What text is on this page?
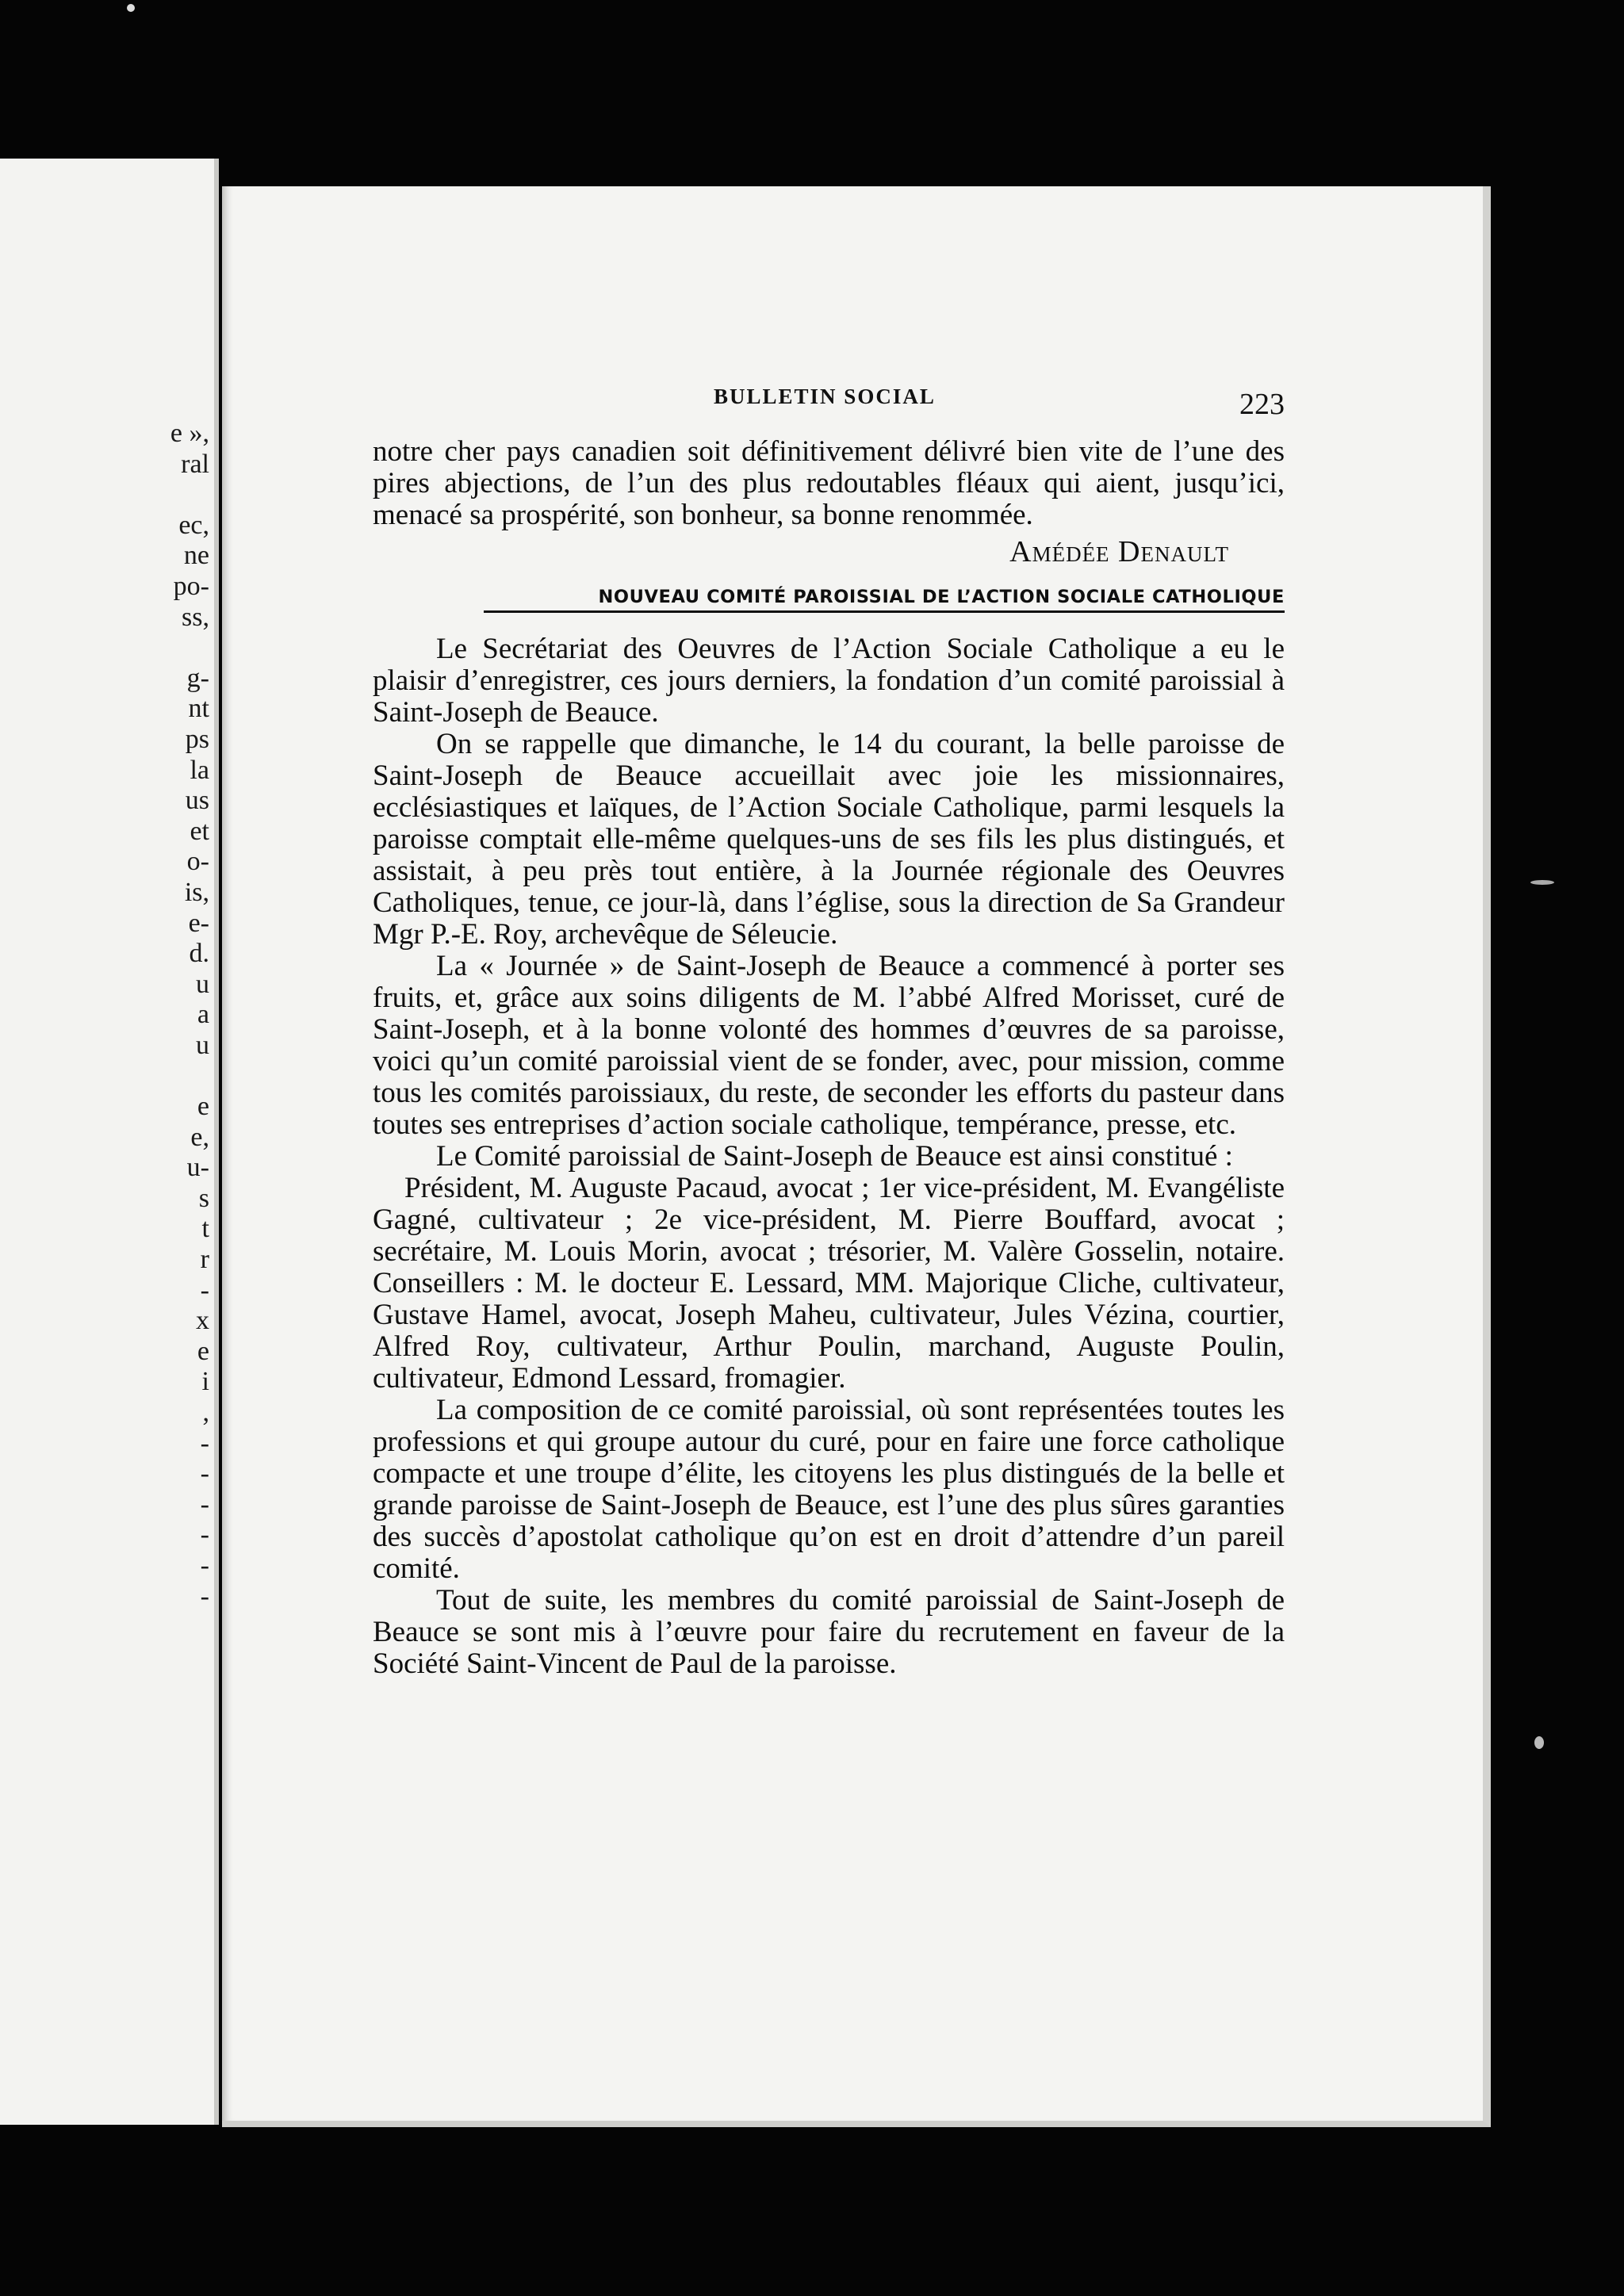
e »,
ral

ec,
ne
po-
ss,

g-
nt
ps
la
us
et
o-
is,
e-
d.
u
a
u

e
e,
u-
s
t
r
-
x
e
i
,
-
-
-
-
-
-
BULLETIN SOCIAL	223

notre cher pays canadien soit définitivement délivré bien vite de l’une des pires abjections, de l’un des plus redoutables fléaux qui aient, jusqu’ici, menacé sa prospérité, son bonheur, sa bonne renommée.

Amédée Denault

NOUVEAU COMITÉ PAROISSIAL DE L’ACTION SOCIALE CATHOLIQUE

Le Secrétariat des Oeuvres de l’Action Sociale Catholique a eu le plaisir d’enregistrer, ces jours derniers, la fondation d’un comité paroissial à Saint-Joseph de Beauce.

On se rappelle que dimanche, le 14 du courant, la belle paroisse de Saint-Joseph de Beauce accueillait avec joie les missionnaires, ecclésiastiques et laïques, de l’Action Sociale Catholique, parmi lesquels la paroisse comptait elle-même quelques-uns de ses fils les plus distingués, et assistait, à peu près tout entière, à la Journée régionale des Oeuvres Catholiques, tenue, ce jour-là, dans l’église, sous la direction de Sa Grandeur Mgr P.-E. Roy, archevêque de Séleucie.

La « Journée » de Saint-Joseph de Beauce a commencé à porter ses fruits, et, grâce aux soins diligents de M. l’abbé Alfred Morisset, curé de Saint-Joseph, et à la bonne volonté des hommes d’œuvres de sa paroisse, voici qu’un comité paroissial vient de se fonder, avec, pour mission, comme tous les comités paroissiaux, du reste, de seconder les efforts du pasteur dans toutes ses entreprises d’action sociale catholique, tempérance, presse, etc.

Le Comité paroissial de Saint-Joseph de Beauce est ainsi constitué :

Président, M. Auguste Pacaud, avocat ; 1er vice-président, M. Evangéliste Gagné, cultivateur ; 2e vice-président, M. Pierre Bouffard, avocat ; secrétaire, M. Louis Morin, avocat ; trésorier, M. Valère Gosselin, notaire. Conseillers : M. le docteur E. Lessard, MM. Majorique Cliche, cultivateur, Gustave Hamel, avocat, Joseph Maheu, cultivateur, Jules Vézina, courtier, Alfred Roy, cultivateur, Arthur Poulin, marchand, Auguste Poulin, cultivateur, Edmond Lessard, fromagier.

La composition de ce comité paroissial, où sont représentées toutes les professions et qui groupe autour du curé, pour en faire une force catholique compacte et une troupe d’élite, les citoyens les plus distingués de la belle et grande paroisse de Saint-Joseph de Beauce, est l’une des plus sûres garanties des succès d’apostolat catholique qu’on est en droit d’attendre d’un pareil comité.

Tout de suite, les membres du comité paroissial de Saint-Joseph de Beauce se sont mis à l’œuvre pour faire du recrutement en faveur de la Société Saint-Vincent de Paul de la paroisse.
